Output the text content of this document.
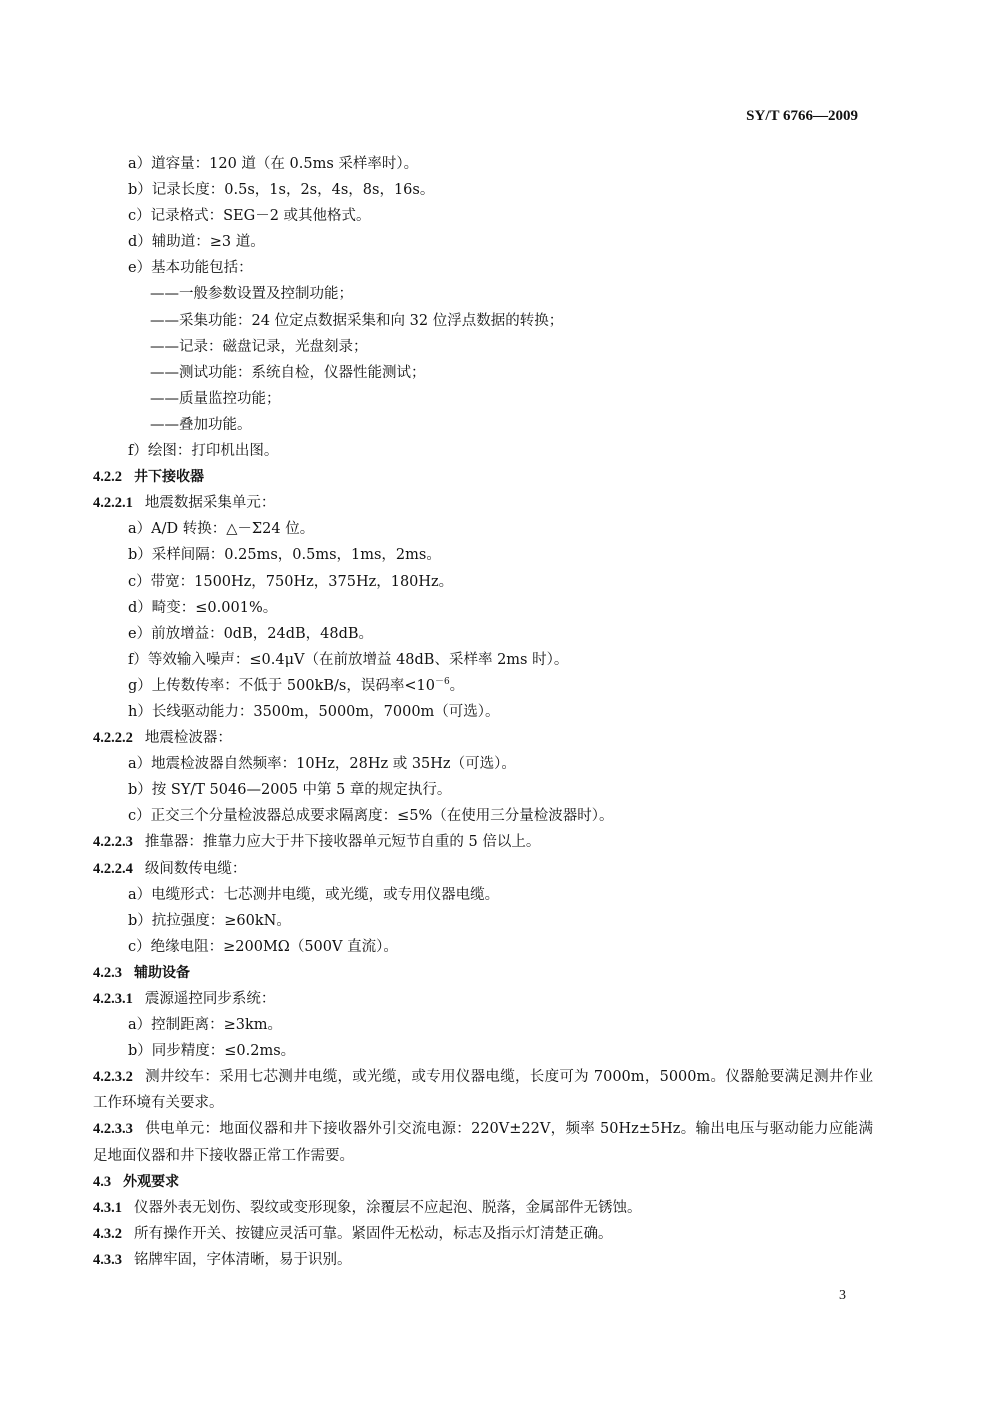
SY/T 6766—2009
a）道容量：120 道（在 0.5ms 采样率时）。
b）记录长度：0.5s，1s，2s，4s，8s，16s。
c）记录格式：SEG－2 或其他格式。
d）辅助道：≥3 道。
e）基本功能包括：
——一般参数设置及控制功能；
——采集功能：24 位定点数据采集和向 32 位浮点数据的转换；
——记录：磁盘记录，光盘刻录；
——测试功能：系统自检，仪器性能测试；
——质量监控功能；
——叠加功能。
f）绘图：打印机出图。
4.2.2 井下接收器
4.2.2.1 地震数据采集单元：
a）A/D 转换：△－Σ24 位。
b）采样间隔：0.25ms，0.5ms，1ms，2ms。
c）带宽：1500Hz，750Hz，375Hz，180Hz。
d）畸变：≤0.001%。
e）前放增益：0dB，24dB，48dB。
f）等效输入噪声：≤0.4μV（在前放增益 48dB、采样率 2ms 时）。
g）上传数传率：不低于 500kB/s，误码率$<10^{-6}$。
h）长线驱动能力：3500m，5000m，7000m（可选）。
4.2.2.2 地震检波器：
a）地震检波器自然频率：10Hz，28Hz 或 35Hz（可选）。
b）按 SY/T 5046—2005 中第 5 章的规定执行。
c）正交三个分量检波器总成要求隔离度：≤5%（在使用三分量检波器时）。
4.2.2.3 推靠器：推靠力应大于井下接收器单元短节自重的 5 倍以上。
4.2.2.4 级间数传电缆：
a）电缆形式：七芯测井电缆，或光缆，或专用仪器电缆。
b）抗拉强度：≥60kN。
c）绝缘电阻：≥200MΩ（500V 直流）。
4.2.3 辅助设备
4.2.3.1 震源遥控同步系统：
a）控制距离：≥3km。
b）同步精度：≤0.2ms。
4.2.3.2 测井绞车：采用七芯测井电缆，或光缆，或专用仪器电缆，长度可为 7000m，5000m。仪器舱要满足测井作业工作环境有关要求。
4.2.3.3 供电单元：地面仪器和井下接收器外引交流电源：220V±22V，频率 50Hz±5Hz。输出电压与驱动能力应能满足地面仪器和井下接收器正常工作需要。
4.3 外观要求
4.3.1 仪器外表无划伤、裂纹或变形现象，涂覆层不应起泡、脱落，金属部件无锈蚀。
4.3.2 所有操作开关、按键应灵活可靠。紧固件无松动，标志及指示灯清楚正确。
4.3.3 铭牌牢固，字体清晰，易于识别。
3
